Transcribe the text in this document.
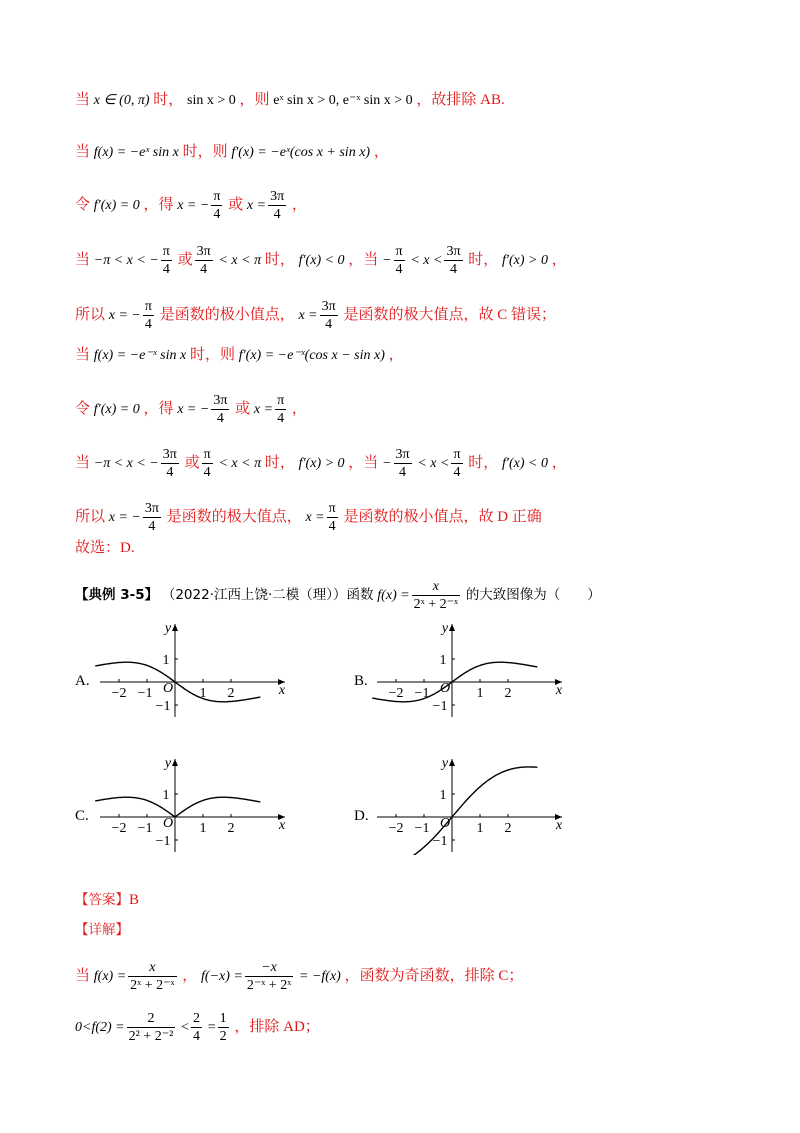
当 x ∈ (0, π) 时， sin x > 0 ，则 eˣ sin x > 0, e⁻ˣ sin x > 0 ，故排除 AB.
当 f(x) = −eˣ sin x 时，则 f′(x) = −eˣ(cos x + sin x) ，
令 f′(x) = 0 ，得 x = − $\frac{\pi}{4}$ 或 $x = \frac{3\pi}{4}$ ，
当 −π < x < − $\frac{\pi}{4}$ 或 $\frac{3\pi}{4} < x < \pi$ 时， f′(x) < 0 ，当 − $\frac{\pi}{4} < x < \frac{3\pi}{4}$ 时， f′(x) > 0 ，
所以 x = − $\frac{\pi}{4}$ 是函数的极小值点， $x = \frac{3\pi}{4}$ 是函数的极大值点，故 C 错误；
当 f(x) = −e⁻ˣ sin x 时，则 f′(x) = −e⁻ˣ(cos x − sin x) ，
令 f′(x) = 0 ，得 x = − $\frac{3\pi}{4}$ 或 $x = \frac{\pi}{4}$ ，
当 −π < x < − $\frac{3\pi}{4}$ 或 $\frac{\pi}{4} < x < \pi$ 时， f′(x) > 0 ，当 − $\frac{3\pi}{4} < x < \frac{\pi}{4}$ 时， f′(x) < 0 ，
所以 x = − $\frac{3\pi}{4}$ 是函数的极大值点， $x = \frac{\pi}{4}$ 是函数的极小值点，故 D 正确
故选：D.
【典例 3-5】 （2022·江西上饶·二模（理））函数 $f(x) = \frac{x}{\text{2ˣ + 2⁻ˣ}}$ 的大致图像为（　　）
A.	B.
C.	D.
y
x
O
1
−1
−2 −1	1 2
y
x
O
1
−1
−2 −1	1 2
y
x
O
1
−1
−2 −1	1 2
y
x
O
1
−1
−2 −1	1 2
【答案】B
【详解】
当 $f(x) = \frac{x}{\text{2ˣ + 2⁻ˣ}}$ ， $f(-x) = \frac{-x}{\text{2⁻ˣ + 2ˣ}} = -f(x)$ ，函数为奇函数，排除 C；
$0<f(2) = \frac{2}{\text{2² + 2⁻²}} < \frac{2}{4} = \frac{1}{2}$ ，排除 AD；
